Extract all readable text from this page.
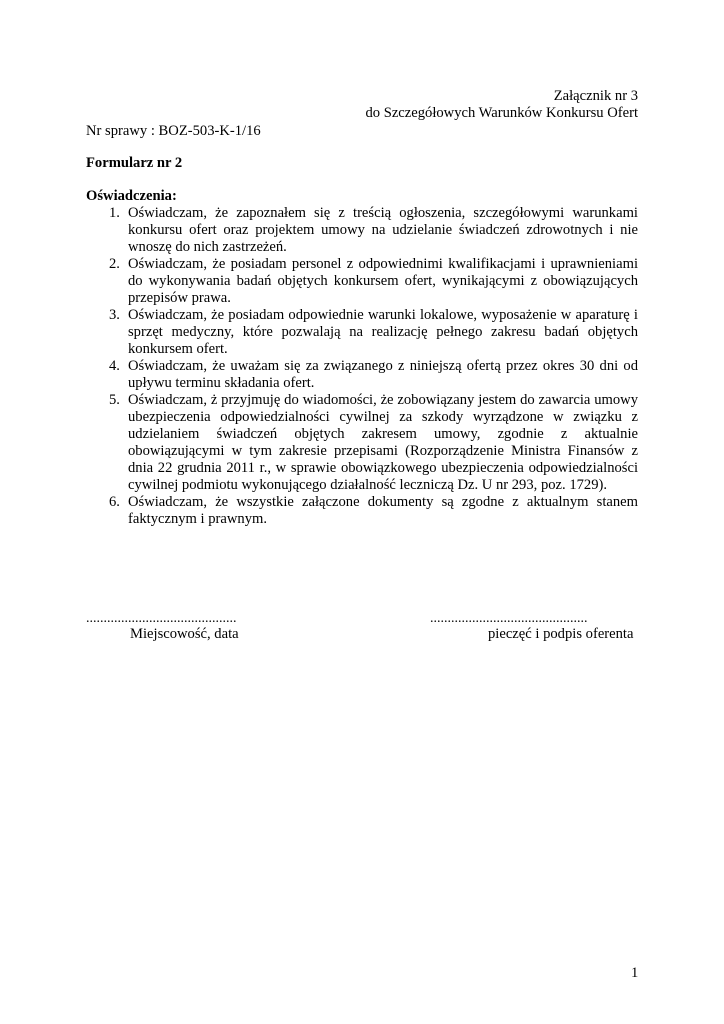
Załącznik nr 3
do Szczegółowych Warunków Konkursu Ofert
Nr sprawy : BOZ-503-K-1/16
Formularz nr 2
Oświadczenia:
1. Oświadczam, że zapoznałem się z treścią ogłoszenia, szczegółowymi warunkami konkursu ofert oraz projektem umowy na udzielanie świadczeń zdrowotnych i nie wnoszę do nich zastrzeżeń.
2. Oświadczam, że posiadam personel z odpowiednimi kwalifikacjami i uprawnieniami do wykonywania badań objętych konkursem ofert, wynikającymi z obowiązujących przepisów prawa.
3. Oświadczam, że posiadam odpowiednie warunki lokalowe, wyposażenie w aparaturę i sprzęt medyczny, które pozwalają na realizację pełnego zakresu badań objętych konkursem ofert.
4. Oświadczam, że uważam się za związanego z niniejszą ofertą przez okres 30 dni od upływu terminu składania ofert.
5. Oświadczam, ż przyjmuję do wiadomości, że zobowiązany jestem do zawarcia umowy ubezpieczenia odpowiedzialności cywilnej za szkody wyrządzone w związku z udzielaniem świadczeń objętych zakresem umowy, zgodnie z aktualnie obowiązującymi w tym zakresie przepisami (Rozporządzenie Ministra Finansów z dnia 22 grudnia 2011 r., w sprawie obowiązkowego ubezpieczenia odpowiedzialności cywilnej podmiotu wykonującego działalność leczniczą Dz. U nr 293, poz. 1729).
6. Oświadczam, że wszystkie załączone dokumenty są zgodne z aktualnym stanem faktycznym i prawnym.
...........................................
Miejscowość, data
.............................................
pieczęć i podpis oferenta
1
